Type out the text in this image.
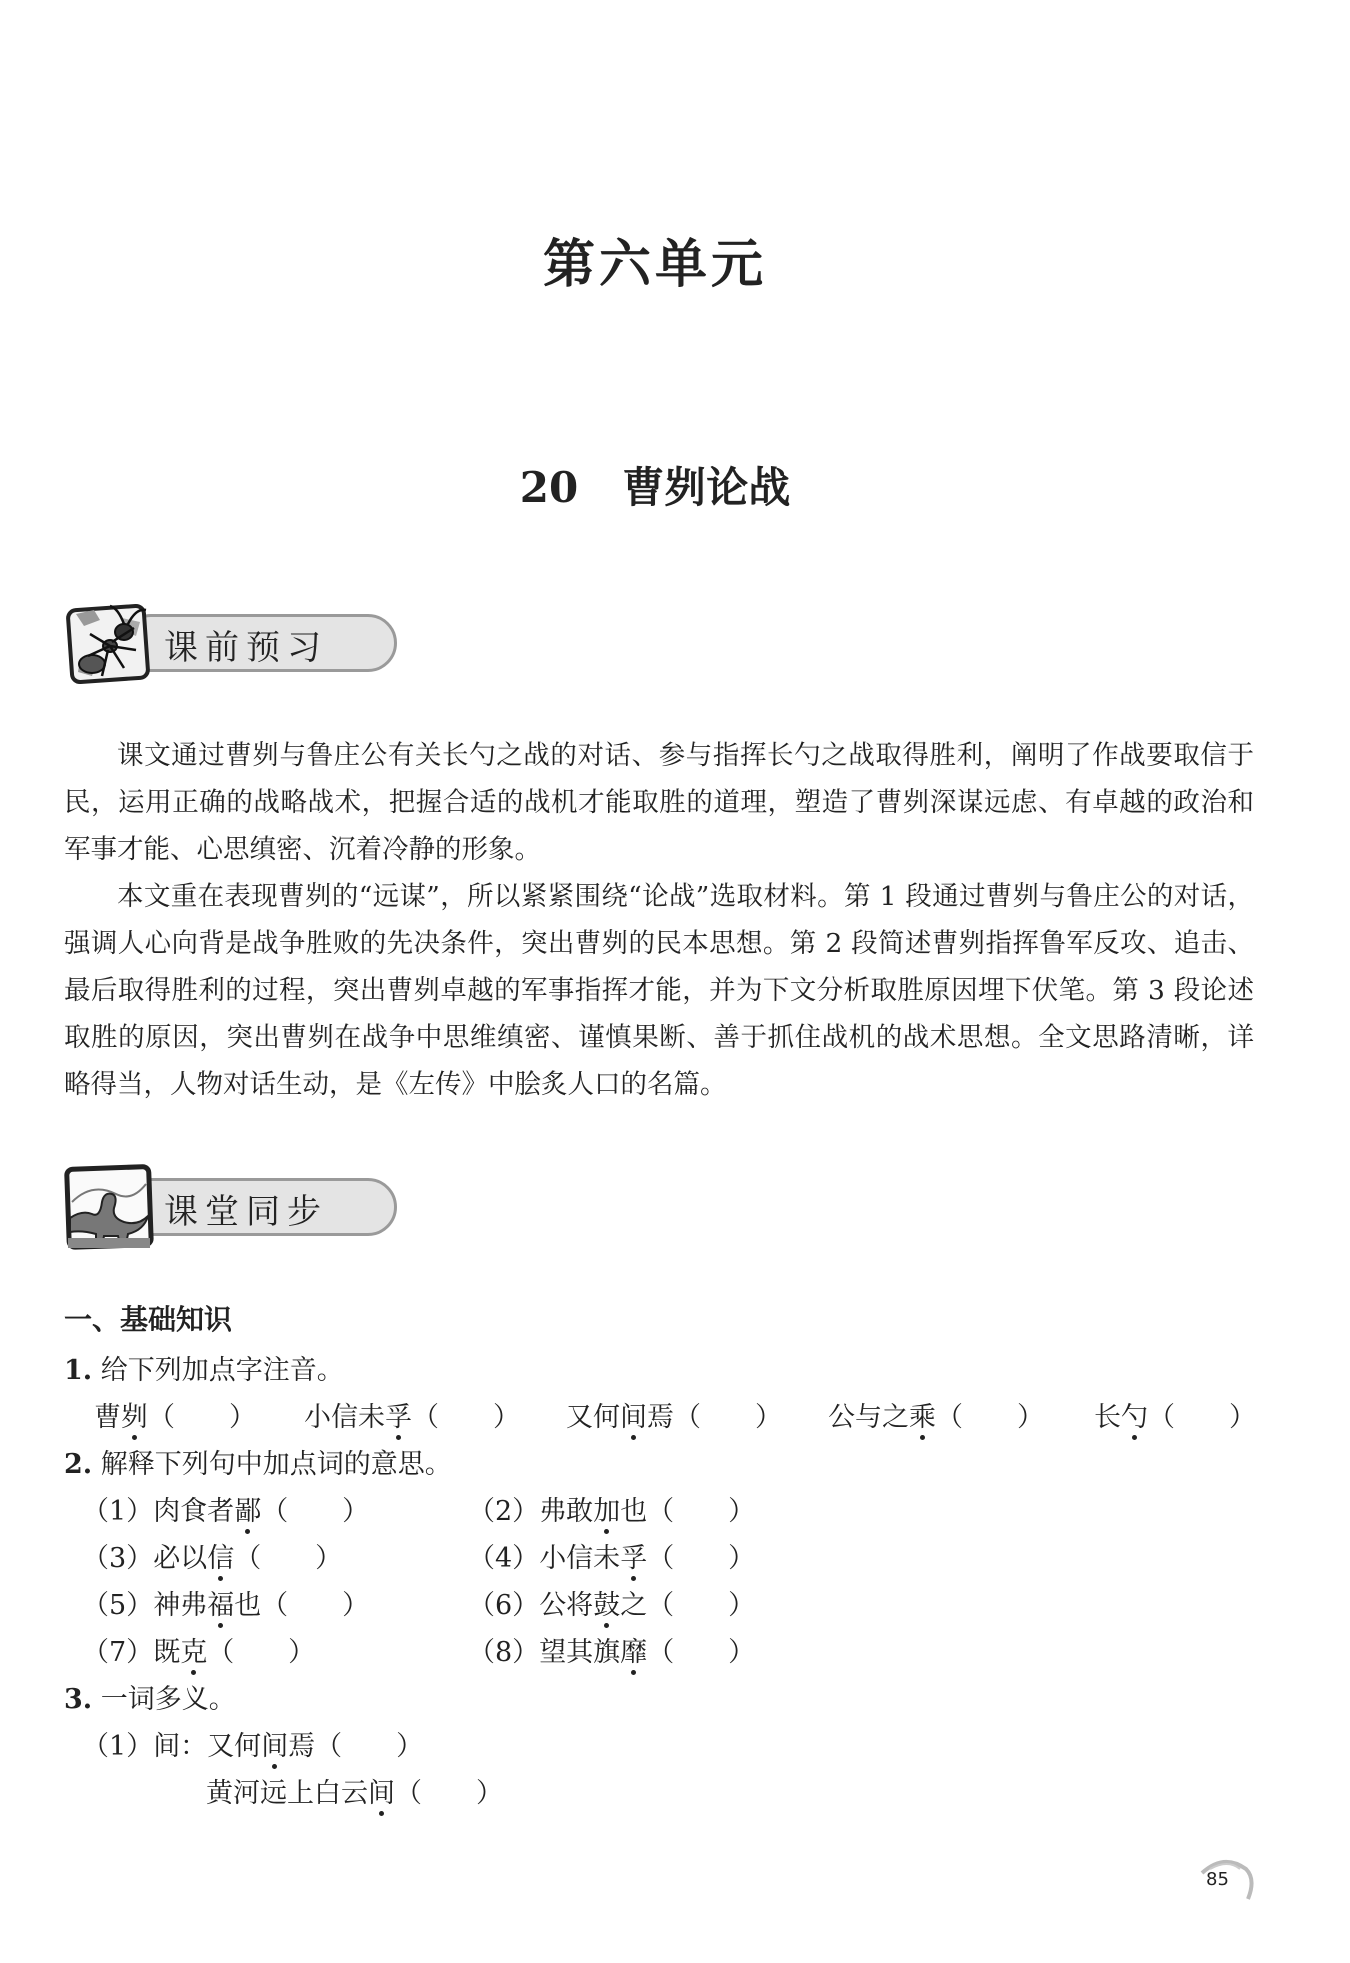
第六单元
20 曹刿论战
课前预习

课文通过曹刿与鲁庄公有关长勺之战的对话、参与指挥长勺之战取得胜利，阐明了作战要取信于民，运用正确的战略战术，把握合适的战机才能取胜的道理，塑造了曹刿深谋远虑、有卓越的政治和军事才能、心思缜密、沉着冷静的形象。

本文重在表现曹刿的“远谋”，所以紧紧围绕“论战”选取材料。第 1 段通过曹刿与鲁庄公的对话，强调人心向背是战争胜败的先决条件，突出曹刿的民本思想。第 2 段简述曹刿指挥鲁军反攻、追击、最后取得胜利的过程，突出曹刿卓越的军事指挥才能，并为下文分析取胜原因埋下伏笔。第 3 段论述取胜的原因，突出曹刿在战争中思维缜密、谨慎果断、善于抓住战机的战术思想。全文思路清晰，详略得当，人物对话生动，是《左传》中脍炙人口的名篇。

课堂同步
一、基础知识
1. 给下列加点字注音。
曹刿（　　） 小信未孚（　　） 又何间焉（　　） 公与之乘（　　） 长勺（　　）
2. 解释下列句中加点词的意思。
（1）肉食者鄙（　　）	（2）弗敢加也（　　）
（3）必以信（　　）	（4）小信未孚（　　）
（5）神弗福也（　　）	（6）公将鼓之（　　）
（7）既克（　　）	（8）望其旗靡（　　）
3. 一词多义。
（1）间：又何间焉（　　）
黄河远上白云间（　　）
85
